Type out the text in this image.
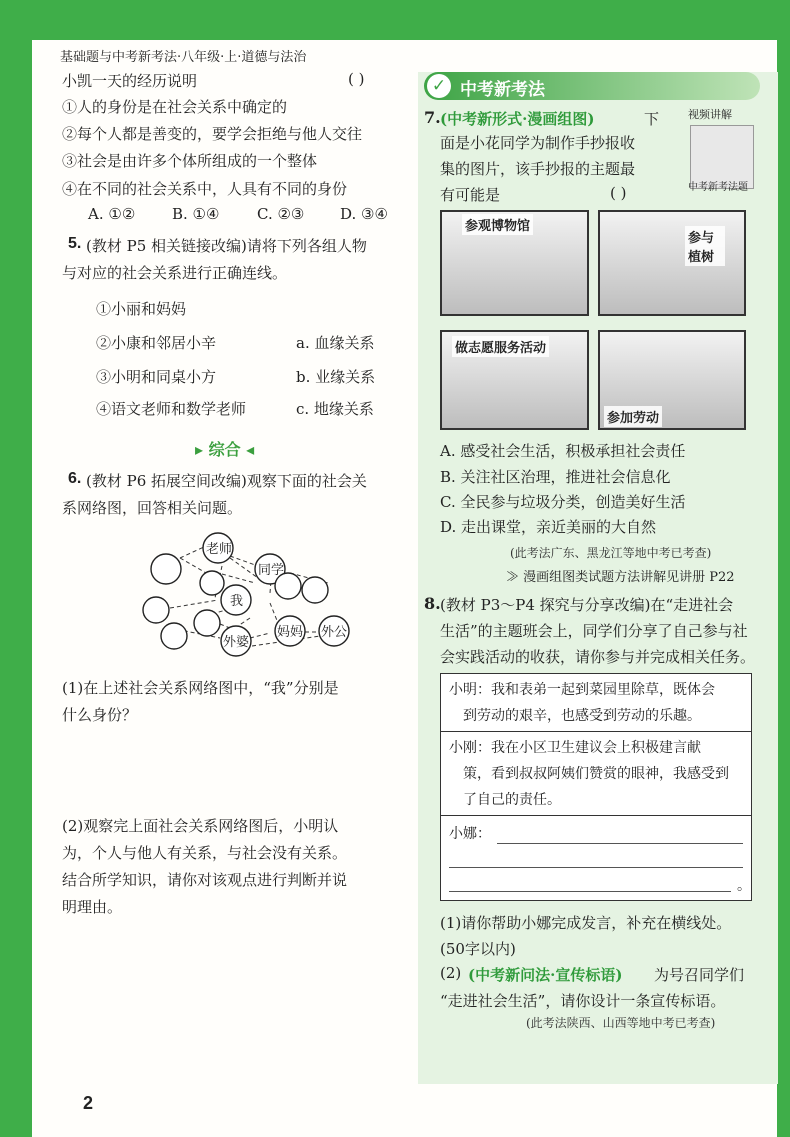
基础题与中考新考法·八年级·上·道德与法治
小凯一天的经历说明	( )
①人的身份是在社会关系中确定的
②每个人都是善变的，要学会拒绝与他人交往
③社会是由许多个体所组成的一个整体
④在不同的社会关系中，人具有不同的身份
A. ①②	B. ①④	C. ②③	D. ③④
5. (教材 P5 相关链接改编)请将下列各组人物
与对应的社会关系进行正确连线。
①小丽和妈妈
②小康和邻居小辛
③小明和同桌小方
④语文老师和数学老师
a. 血缘关系
b. 业缘关系
c. 地缘关系
▸ 综合 ◂
6. (教材 P6 拓展空间改编)观察下面的社会关
系网络图，回答相关问题。
老师
同学
我
外婆
妈妈 外公
(1)在上述社会关系网络图中，“我”分别是
什么身份？
(2)观察完上面社会关系网络图后，小明认
为，个人与他人有关系，与社会没有关系。
结合所学知识，请你对该观点进行判断并说
明理由。
✓ 中考新考法
视频讲解
中考新考法题
7. (中考新形式·漫画组图)	下
面是小花同学为制作手抄报收
集的图片，该手抄报的主题最
有可能是	( )
参观博物馆
参与植树
做志愿服务活动
参加劳动
A. 感受社会生活，积极承担社会责任
B. 关注社区治理，推进社会信息化
C. 全民参与垃圾分类，创造美好生活
D. 走出课堂，亲近美丽的大自然
(此考法广东、黑龙江等地中考已考查)
≫ 漫画组图类试题方法讲解见讲册 P22
8. (教材 P3～P4 探究与分享改编)在“走进社会
生活”的主题班会上，同学们分享了自己参与社
会实践活动的收获，请你参与并完成相关任务。
小明：我和表弟一起到菜园里除草，既体会
到劳动的艰辛，也感受到劳动的乐趣。
小刚：我在小区卫生建议会上积极建言献
策，看到叔叔阿姨们赞赏的眼神，我感受到
了自己的责任。
小娜：
。
(1)请你帮助小娜完成发言，补充在横线处。
(50字以内)
(2) (中考新问法·宣传标语) 为号召同学们
“走进社会生活”，请你设计一条宣传标语。
(此考法陕西、山西等地中考已考查)
2
